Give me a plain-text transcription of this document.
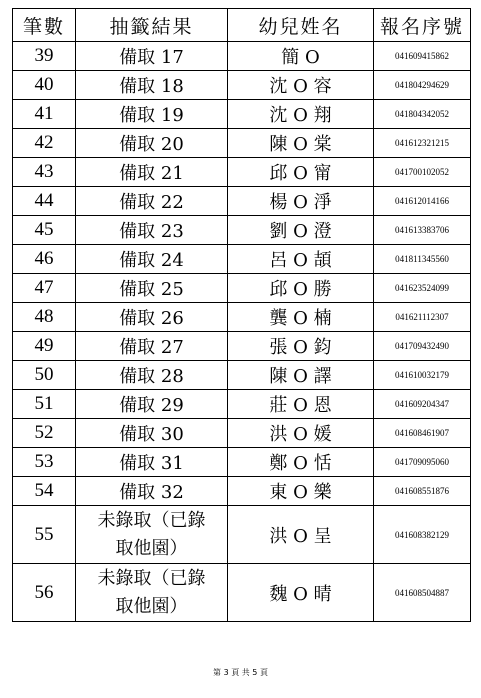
筆數	抽籤結果	幼兒姓名	報名序號
39	備取 17	簡 O	041609415862
40	備取 18	沈 O 容	041804294629
41	備取 19	沈 O 翔	041804342052
42	備取 20	陳 O 棠	041612321215
43	備取 21	邱 O 甯	041700102052
44	備取 22	楊 O 淨	041612014166
45	備取 23	劉 O 澄	041613383706
46	備取 24	呂 O 頡	041811345560
47	備取 25	邱 O 勝	041623524099
48	備取 26	龔 O 楠	041621112307
49	備取 27	張 O 鈞	041709432490
50	備取 28	陳 O 譯	041610032179
51	備取 29	莊 O 恩	041609204347
52	備取 30	洪 O 媛	041608461907
53	備取 31	鄭 O 恬	041709095060
54	備取 32	東 O 樂	041608551876
55	未錄取（已錄取他園）	洪 O 呈	041608382129
56	未錄取（已錄取他園）	魏 O 晴	041608504887
第 3 頁 共 5 頁
